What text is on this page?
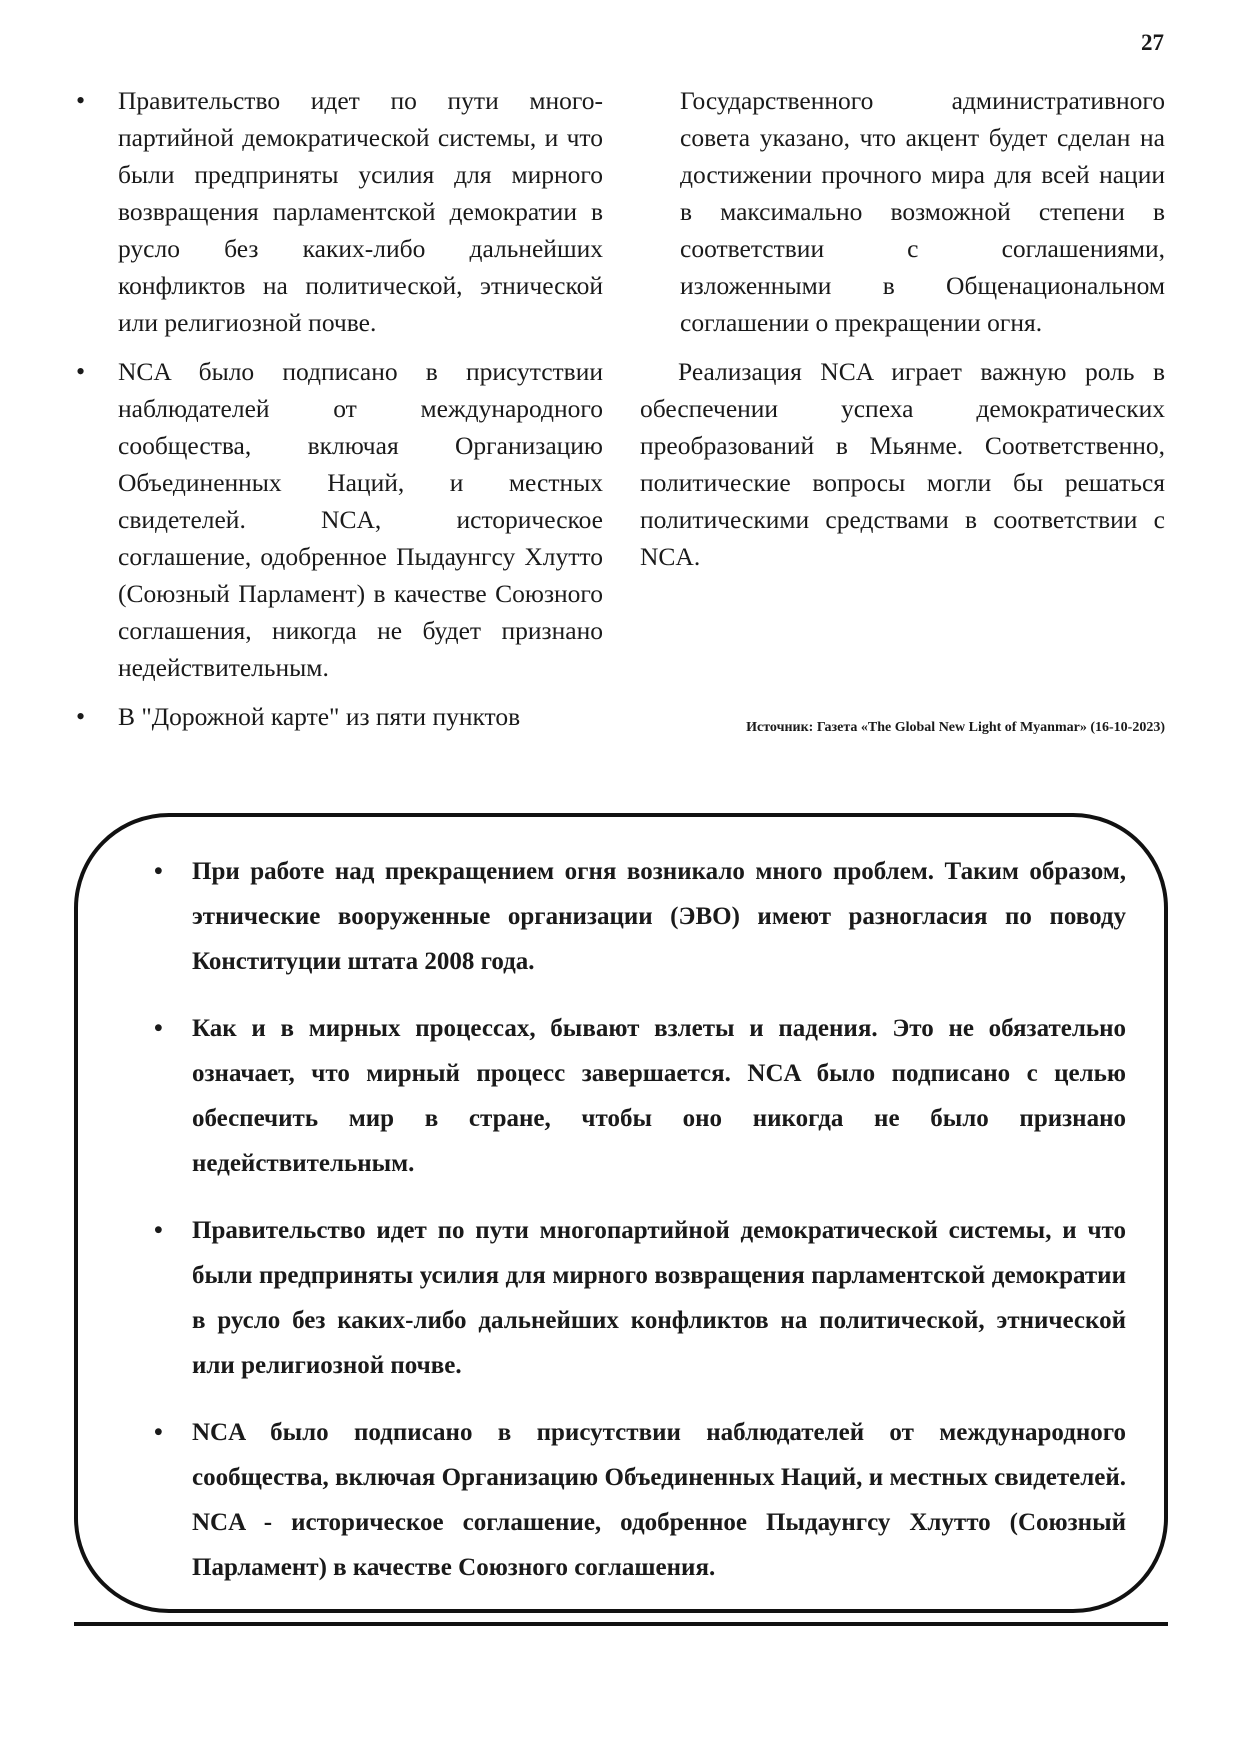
27
• Правительство идет по пути много-партийной демократической системы, и что были предприняты усилия для мирного возвращения парламентской демократии в русло без каких-либо дальнейших конфликтов на политической, этнической или религиозной почве.
• NCA было подписано в присутствии наблюдателей от международного сообщества, включая Организацию Объединенных Наций, и местных свидетелей. NCA, историческое соглашение, одобренное Пыдаунгсу Хлутто (Союзный Парламент) в качестве Союзного соглашения, никогда не будет признано недействительным.
• В "Дорожной карте" из пяти пунктов

Государственного административного совета указано, что акцент будет сделан на достижении прочного мира для всей нации в максимально возможной степени в соответствии с соглашениями, изложенными в Общенациональном соглашении о прекращении огня.

Реализация NCA играет важную роль в обеспечении успеха демократических преобразований в Мьянме. Соответственно, политические вопросы могли бы решаться политическими средствами в соответствии с NCA.

Источник: Газета «The Global New Light of Myanmar» (16-10-2023)
• При работе над прекращением огня возникало много проблем. Таким образом, этнические вооруженные организации (ЭВО) имеют разногласия по поводу Конституции штата 2008 года.
• Как и в мирных процессах, бывают взлеты и падения. Это не обязательно означает, что мирный процесс завершается. NCA было подписано с целью обеспечить мир в стране, чтобы оно никогда не было признано недействительным.
• Правительство идет по пути многопартийной демократической системы, и что были предприняты усилия для мирного возвращения парламентской демократии в русло без каких-либо дальнейших конфликтов на политической, этнической или религиозной почве.
• NCA было подписано в присутствии наблюдателей от международного сообщества, включая Организацию Объединенных Наций, и местных свидетелей. NCA - историческое соглашение, одобренное Пыдаунгсу Хлутто (Союзный Парламент) в качестве Союзного соглашения.
